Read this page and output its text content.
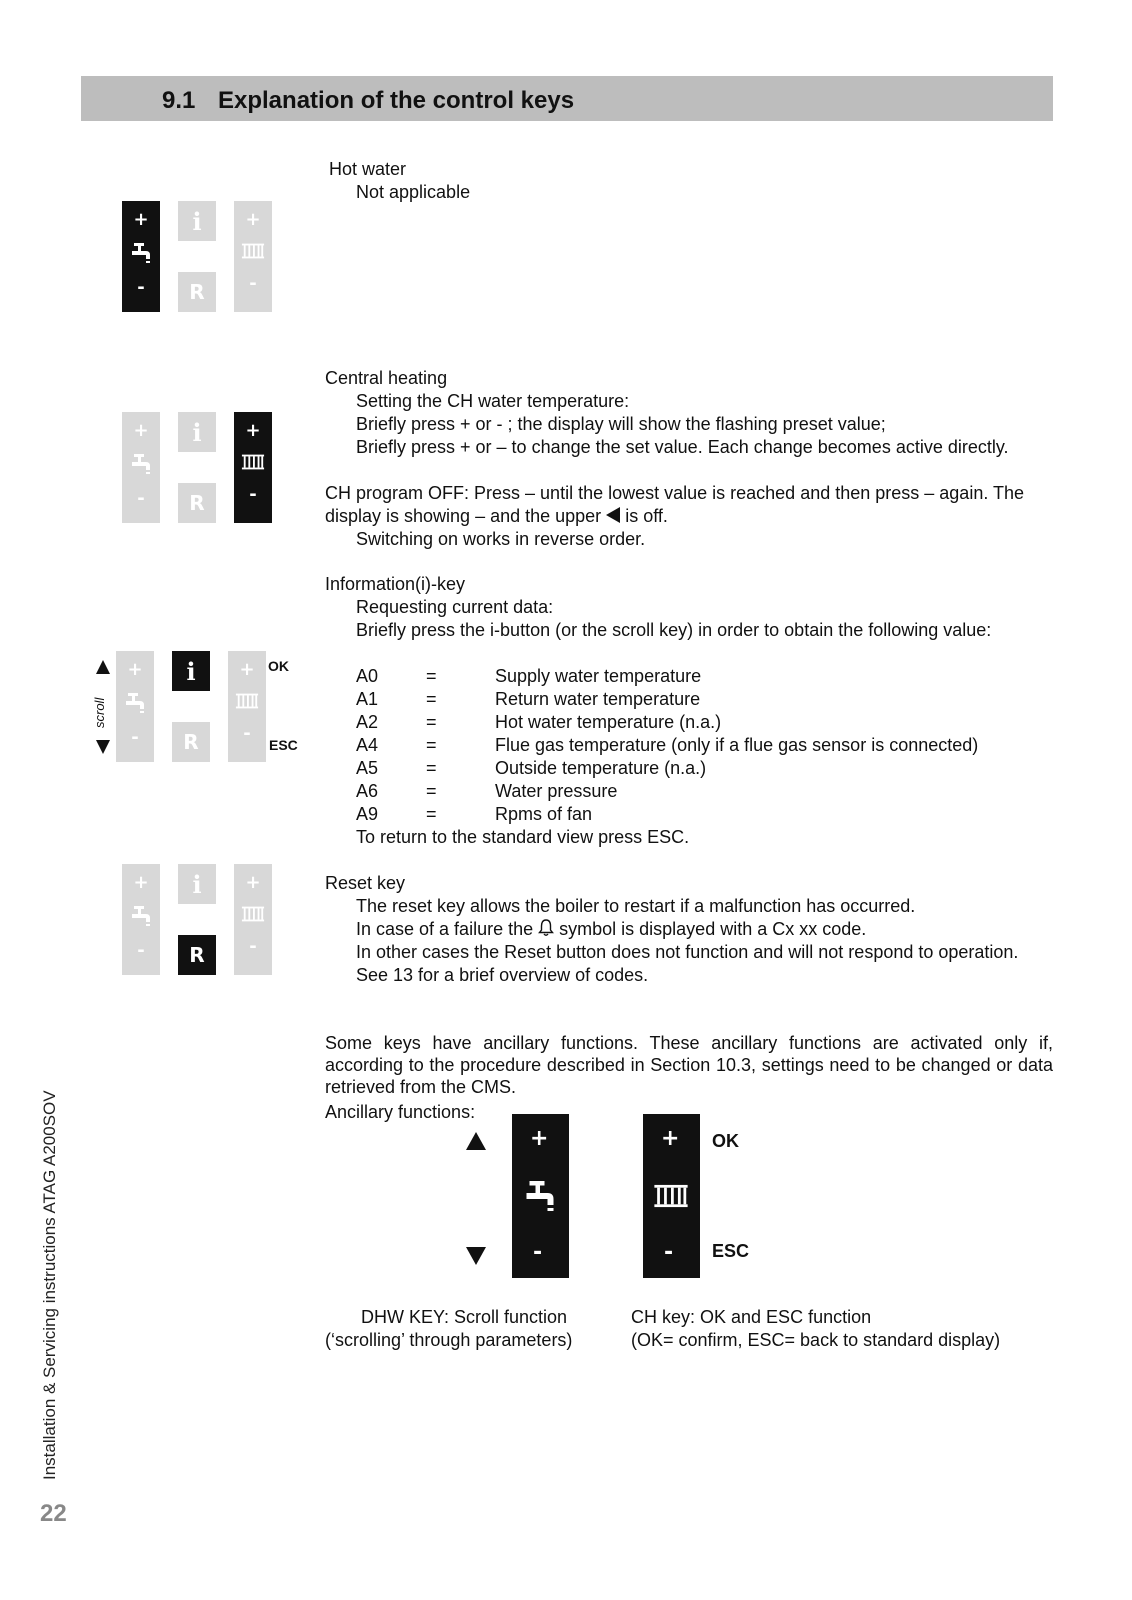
9.1 Explanation of the control keys
+
-
i
R
+
-
Hot water
Not applicable
+
-
i
R
+
-
Central heating
Setting the CH water temperature:
Briefly press + or - ; the display will show the flashing preset value;
Briefly press + or – to change the set value. Each change becomes active directly.
CH program OFF: Press – until the lowest value is reached and then press – again. The
display is showing – and the upper is off.
Switching on works in reverse order.
scroll
+
-
i
R
+
-
OK
ESC
Information(i)-key
Requesting current data:
Briefly press the i-button (or the scroll key) in order to obtain the following value:
A0	=	Supply water temperature
A1	=	Return water temperature
A2	=	Hot water temperature (n.a.)
A4	=	Flue gas temperature (only if a flue gas sensor is connected)
A5	=	Outside temperature (n.a.)
A6	=	Water pressure
A9	=	Rpms of fan
To return to the standard view press ESC.
+
-
i
R
+
-
Reset key
The reset key allows the boiler to restart if a malfunction has occurred.
In case of a failure the symbol is displayed with a Cx xx code.
In other cases the Reset button does not function and will not respond to operation.
See 13 for a brief overview of codes.
Some keys have ancillary functions. These ancillary functions are activated only if, according to the procedure described in Section 10.3, settings need to be changed or data retrieved from the CMS.
Ancillary functions:
+
-
+
-
OK
ESC
DHW KEY: Scroll function
(‘scrolling’ through parameters)
CH key: OK and ESC function
(OK= confirm, ESC= back to standard display)
Installation & Servicing instructions ATAG A200SOV
22
